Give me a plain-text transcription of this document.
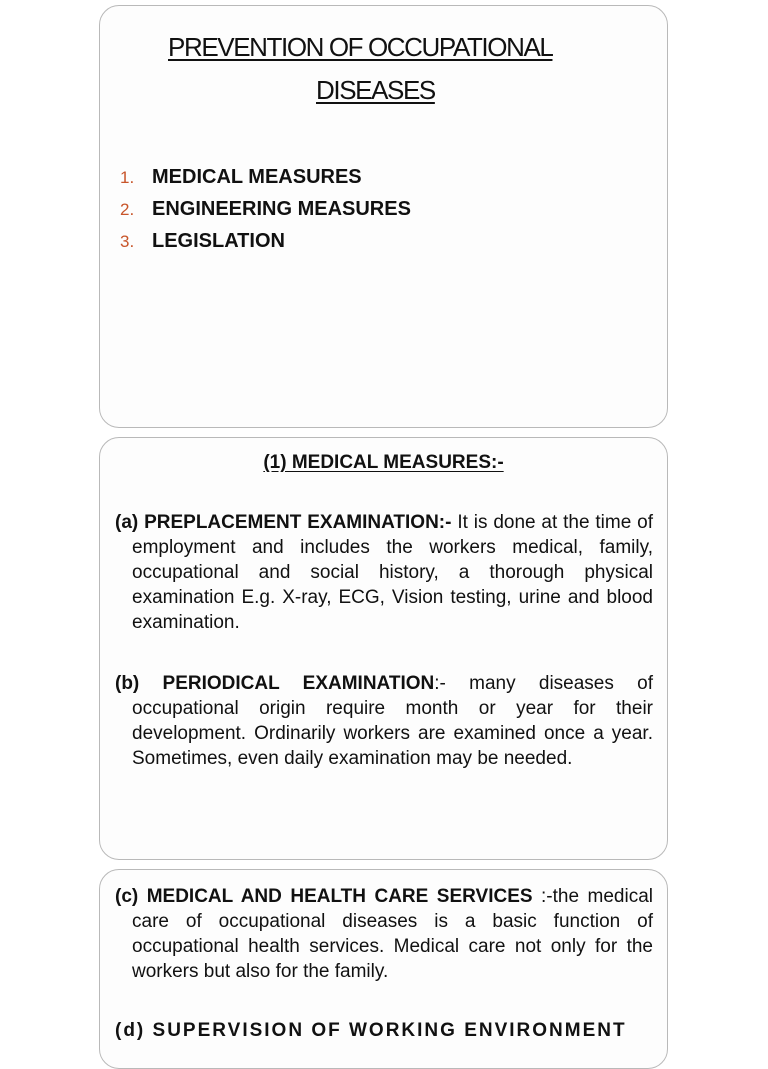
PREVENTION OF OCCUPATIONAL
DISEASES
1. MEDICAL MEASURES
2. ENGINEERING MEASURES
3. LEGISLATION
(1) MEDICAL MEASURES:-

(a) PREPLACEMENT EXAMINATION:- It is done at the time of employment and includes the workers medical, family, occupational and social history, a thorough physical examination E.g. X-ray, ECG, Vision testing, urine and blood examination.

(b) PERIODICAL EXAMINATION:- many diseases of occupational origin require month or year for their development. Ordinarily workers are examined once a year. Sometimes, even daily examination may be needed.

(c) MEDICAL AND HEALTH CARE SERVICES :-the medical care of occupational diseases is a basic function of occupational health services. Medical care not only for the workers but also for the family.

(d) SUPERVISION OF WORKING ENVIRONMENT
